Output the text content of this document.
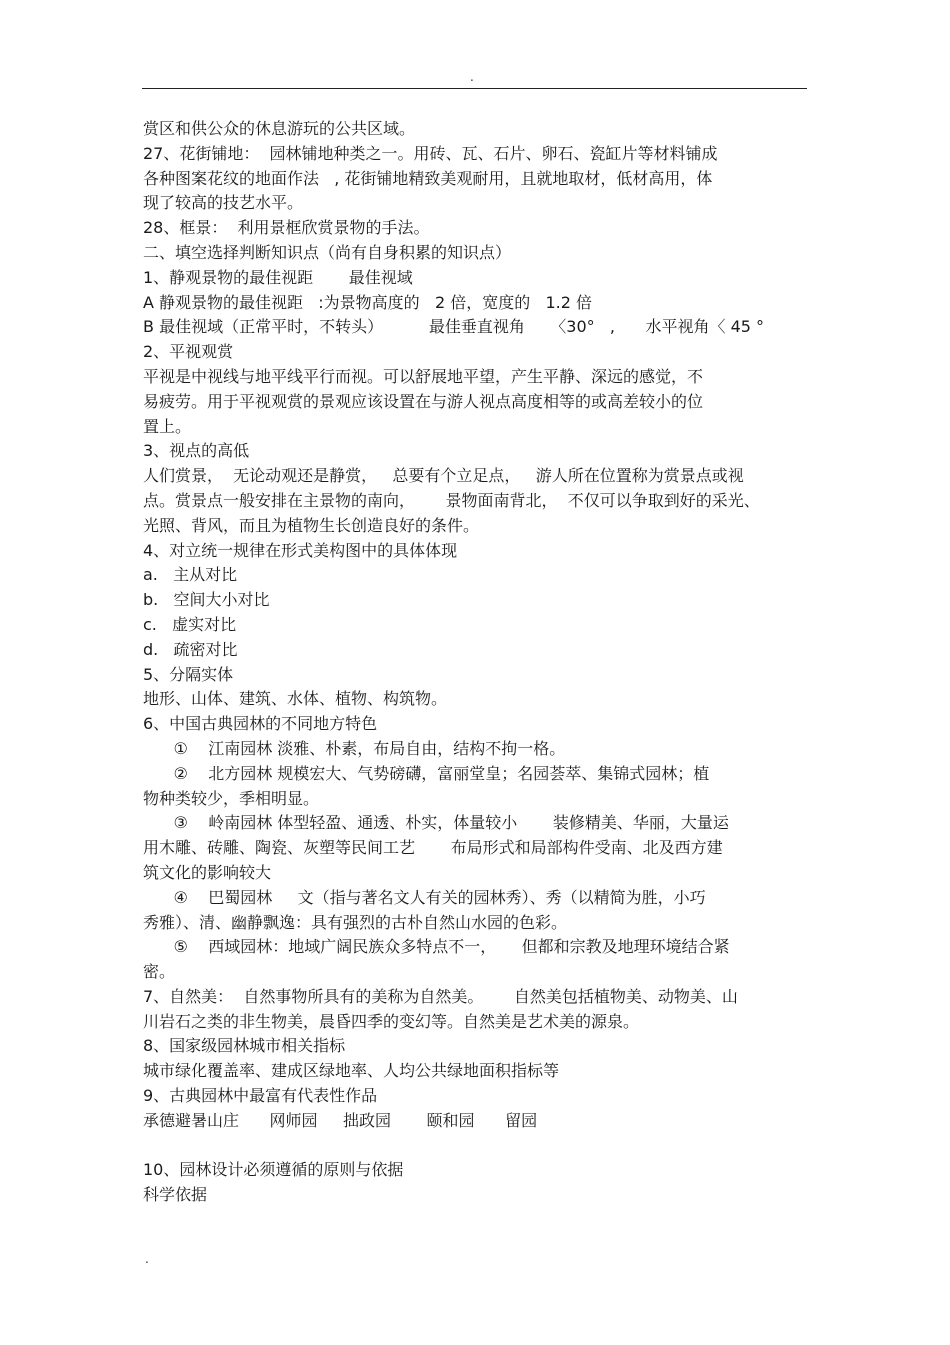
.
赏区和供公众的休息游玩的公共区域。
27、花街铺地：  园林铺地种类之一。用砖、瓦、石片、卵石、瓷缸片等材料铺成
各种图案花纹的地面作法   , 花街铺地精致美观耐用，且就地取材，低材高用，体
现了较高的技艺水平。
28、框景：  利用景框欣赏景物的手法。
二、填空选择判断知识点（尚有自身积累的知识点）
1、静观景物的最佳视距       最佳视域
A 静观景物的最佳视距   :为景物高度的   2 倍，宽度的   1.2 倍
B 最佳视域（正常平时，不转头）         最佳垂直视角     〈30°   ,      水平视角〈 45 °
2、平视观赏
平视是中视线与地平线平行而视。可以舒展地平望，产生平静、深远的感觉，不
易疲劳。用于平视观赏的景观应该设置在与游人视点高度相等的或高差较小的位
置上。
3、视点的高低
人们赏景，  无论动观还是静赏，   总要有个立足点，   游人所在位置称为赏景点或视
点。赏景点一般安排在主景物的南向，      景物面南背北，  不仅可以争取到好的采光、
光照、背风，而且为植物生长创造良好的条件。
4、对立统一规律在形式美构图中的具体体现
a.   主从对比
b.   空间大小对比
c.   虚实对比
d.   疏密对比
5、分隔实体
地形、山体、建筑、水体、植物、构筑物。
6、中国古典园林的不同地方特色
①    江南园林 淡雅、朴素，布局自由，结构不拘一格。
②    北方园林 规模宏大、气势磅礴，富丽堂皇；名园荟萃、集锦式园林；植
物种类较少，季相明显。
③    岭南园林 体型轻盈、通透、朴实，体量较小       装修精美、华丽，大量运
用木雕、砖雕、陶瓷、灰塑等民间工艺       布局形式和局部构件受南、北及西方建
筑文化的影响较大
④    巴蜀园林     文（指与著名文人有关的园林秀）、秀（以精简为胜，小巧
秀雅）、清、幽静飘逸：具有强烈的古朴自然山水园的色彩。
⑤    西域园林：地域广阔民族众多特点不一，     但都和宗教及地理环境结合紧
密。
7、自然美：  自然事物所具有的美称为自然美。      自然美包括植物美、动物美、山
川岩石之类的非生物美，晨昏四季的变幻等。自然美是艺术美的源泉。
8、国家级园林城市相关指标
城市绿化覆盖率、建成区绿地率、人均公共绿地面积指标等
9、古典园林中最富有代表性作品
承德避暑山庄      网师园     拙政园       颐和园      留园
10、园林设计必须遵循的原则与依据
科学依据
.
